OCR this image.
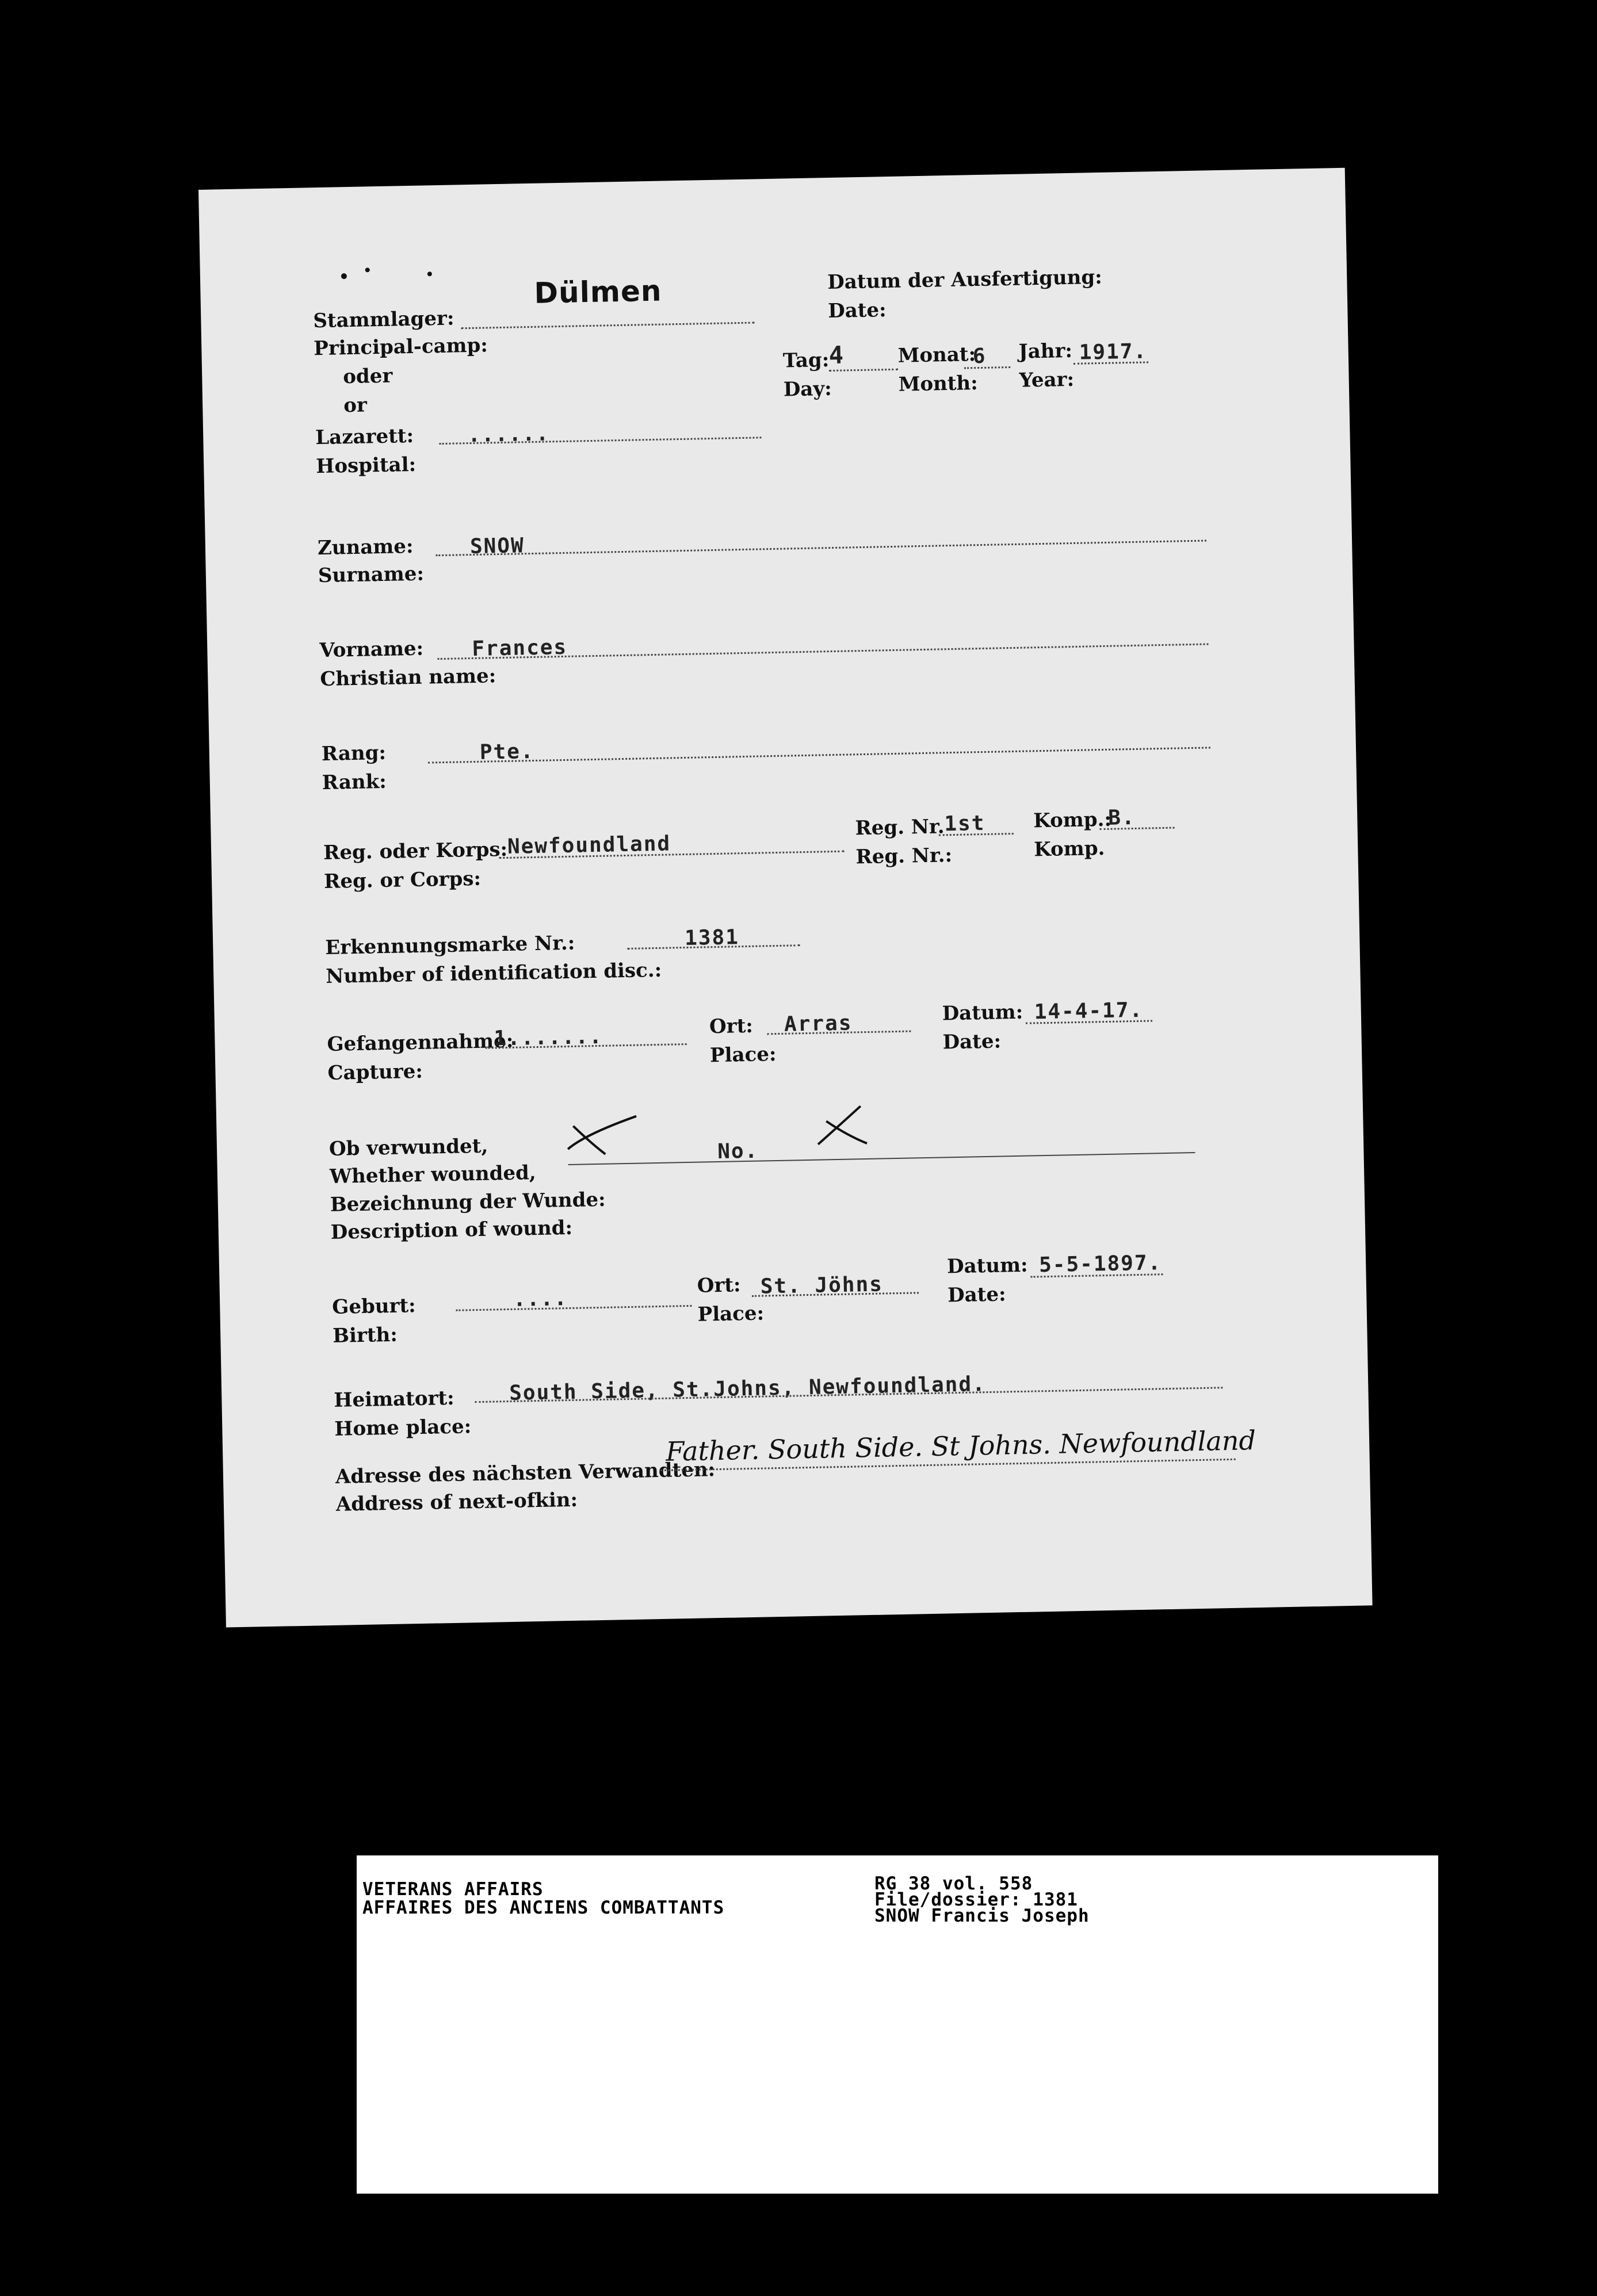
Dülmen
Stammlager:
Principal-camp:
oder
or
Datum der Ausfertigung:
Date:
Tag:
4
Day:
Monat:
6
Month:
Jahr: 1917.
Year:
Lazarett:	......
Hospital:
Zuname:	SNOW
Surname:
Vorname: Frances
Christian name:
Rang:	Pte.
Rank:
Reg. oder Korps: Newfoundland
Reg. or Corps:
Reg. Nr. 1st
Reg. Nr.:
Komp.:
B.
Komp.
Erkennungsmarke Nr.:	1381
Number of identification disc.:
Gefangennahme:
1.......
Capture:
Ort: Arras
Place:
Datum: 14-4-17.
Date:
Ob verwundet,
Whether wounded,
No.
Bezeichnung der Wunde:
Description of wound:
Geburt:	....
Birth:
Ort: St. Jöhns
Place:
Datum: 5-5-1897.
Date:
Heimatort:	South Side, St.Johns, Newfoundland.
Home place:
Adresse des nächsten Verwandten:
Father. South Side. St Johns. Newfoundland
Address of next-ofkin:
VETERANS AFFAIRS
AFFAIRES DES ANCIENS COMBATTANTS
RG 38 vol. 558
File/dossier: 1381
SNOW Francis Joseph
